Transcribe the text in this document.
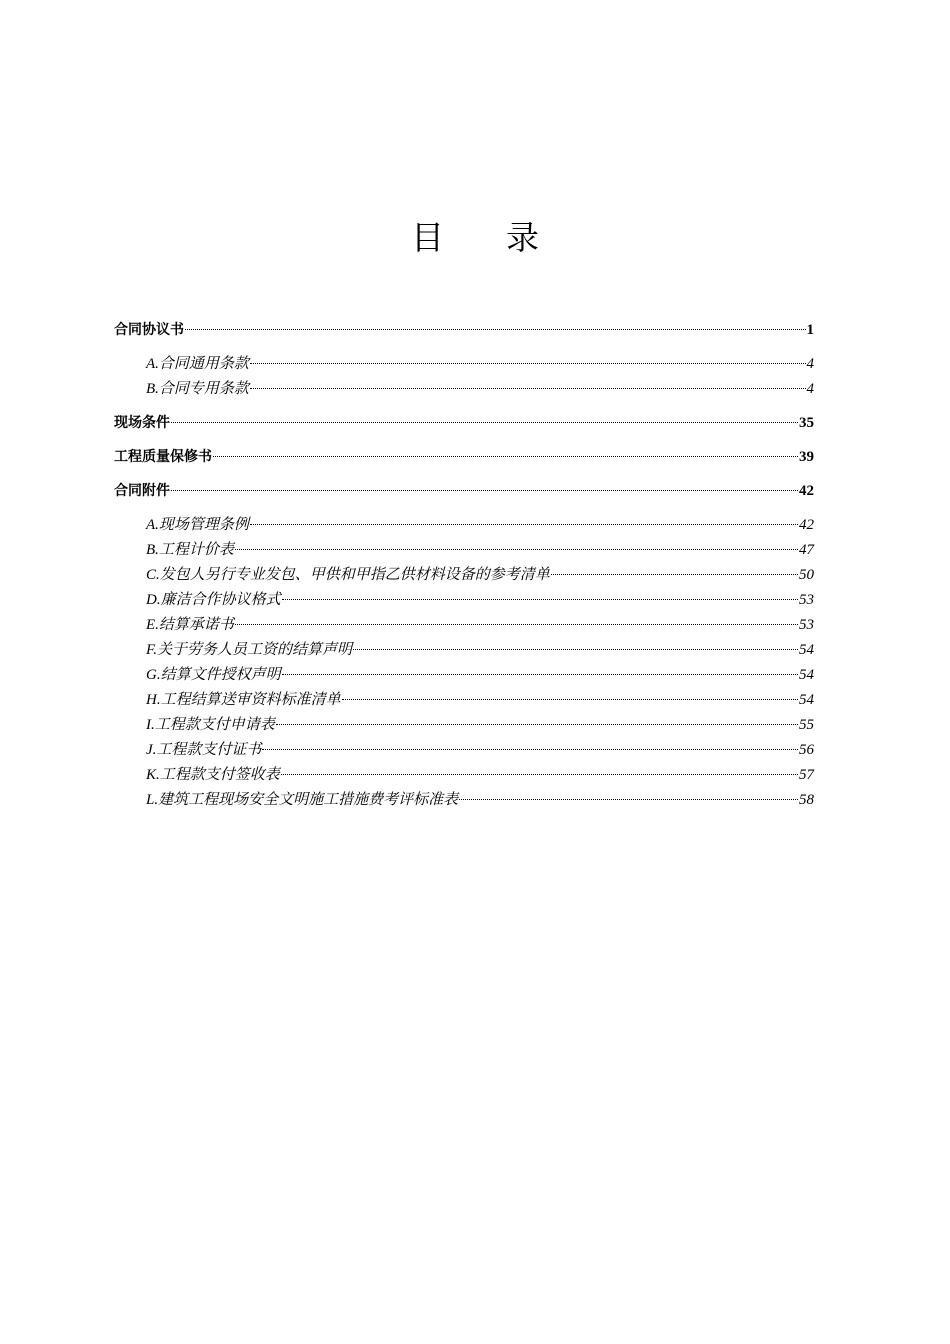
目 录
合同协议书	1
A.合同通用条款	4
B.合同专用条款	4
现场条件	35
工程质量保修书	39
合同附件	42
A.现场管理条例	42
B.工程计价表	47
C.发包人另行专业发包、甲供和甲指乙供材料设备的参考清单	50
D.廉洁合作协议格式	53
E.结算承诺书	53
F.关于劳务人员工资的结算声明	54
G.结算文件授权声明	54
H.工程结算送审资料标准清单	54
I.工程款支付申请表	55
J.工程款支付证书	56
K.工程款支付签收表	57
L.建筑工程现场安全文明施工措施费考评标准表	58
